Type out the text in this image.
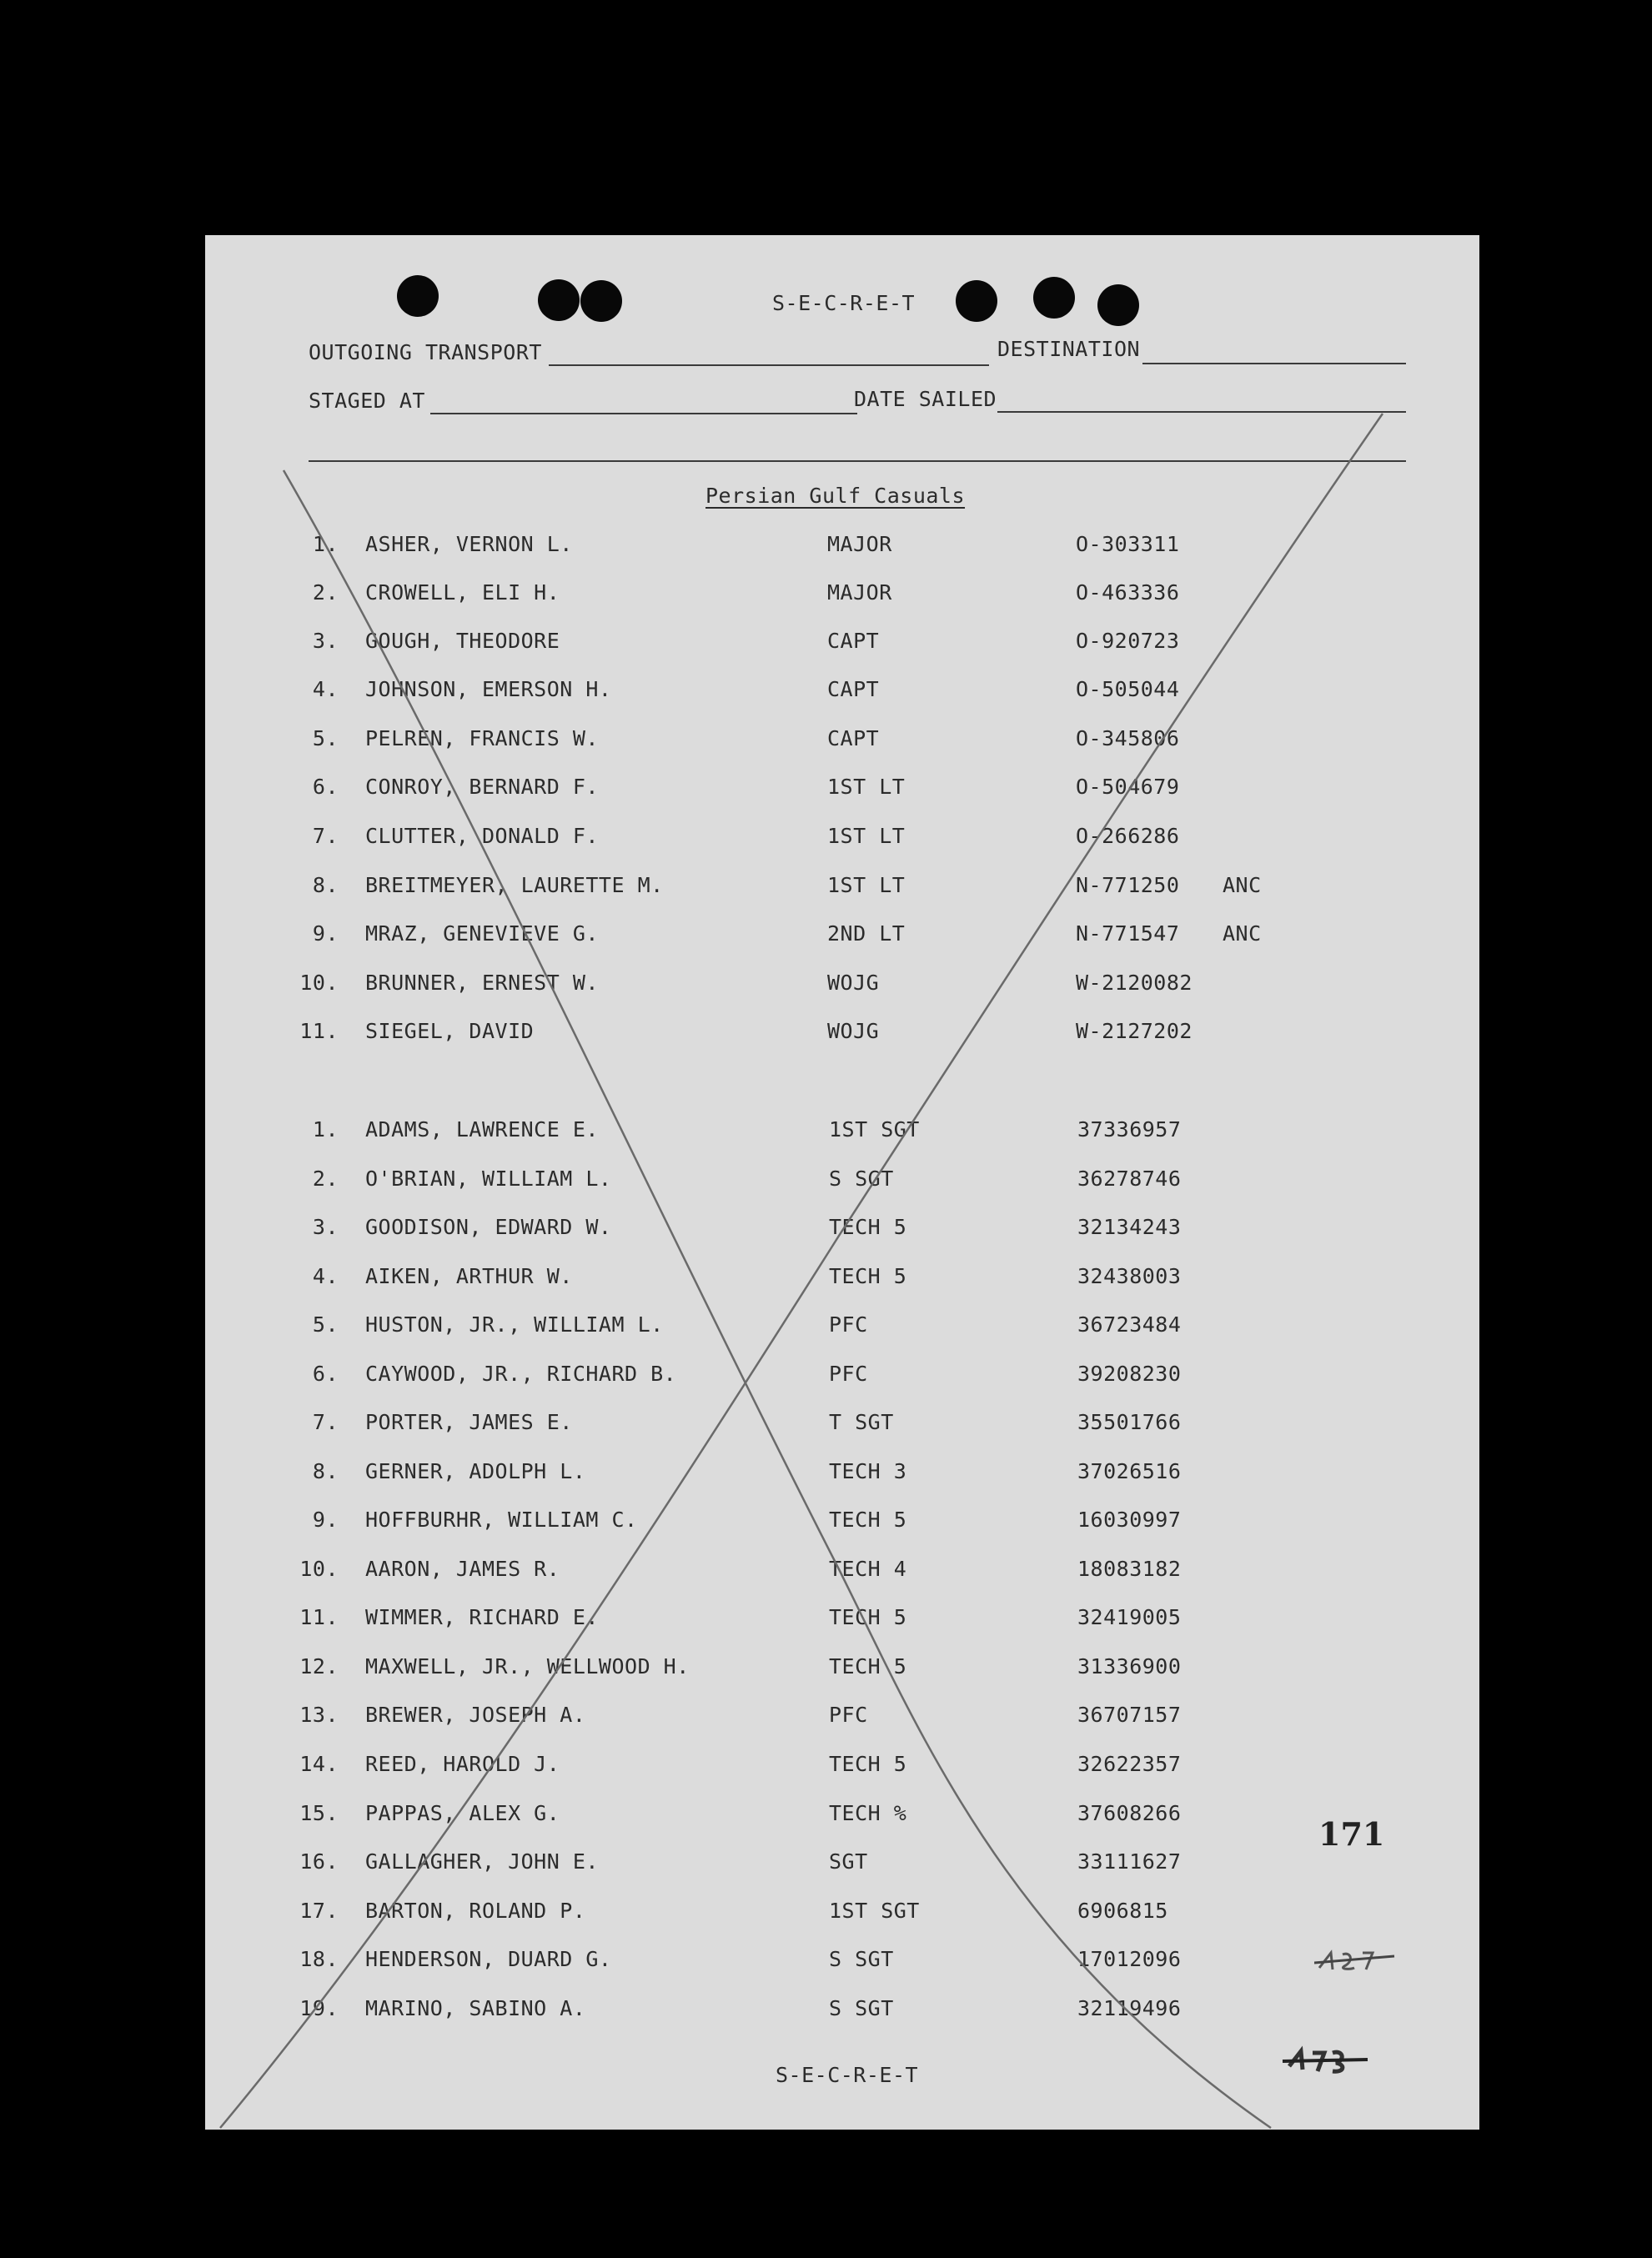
S-E-C-R-E-T
OUTGOING TRANSPORT	DESTINATION
STAGED AT	DATE SAILED
Persian Gulf Casuals
1. ASHER, VERNON L.	MAJOR	O-303311
2. CROWELL, ELI H.	MAJOR	O-463336
3. GOUGH, THEODORE	CAPT	O-920723
4. JOHNSON, EMERSON H.	CAPT	O-505044
5. PELREN, FRANCIS W.	CAPT	O-345806
6. CONROY, BERNARD F.	1ST LT	O-504679
7. CLUTTER, DONALD F.	1ST LT	O-266286
8. BREITMEYER, LAURETTE M.	1ST LT	N-771250 ANC
9. MRAZ, GENEVIEVE G.	2ND LT	N-771547 ANC
10. BRUNNER, ERNEST W.	WOJG	W-2120082
11. SIEGEL, DAVID	WOJG	W-2127202
1. ADAMS, LAWRENCE E.	1ST SGT	37336957
2. O'BRIAN, WILLIAM L.	S SGT	36278746
3. GOODISON, EDWARD W.	TECH 5	32134243
4. AIKEN, ARTHUR W.	TECH 5	32438003
5. HUSTON, JR., WILLIAM L.	PFC	36723484
6. CAYWOOD, JR., RICHARD B.	PFC	39208230
7. PORTER, JAMES E.	T SGT	35501766
8. GERNER, ADOLPH L.	TECH 3	37026516
9. HOFFBURHR, WILLIAM C.	TECH 5	16030997
10. AARON, JAMES R.	TECH 4	18083182
11. WIMMER, RICHARD E.	TECH 5	32419005
12. MAXWELL, JR., WELLWOOD H.	TECH 5	31336900
13. BREWER, JOSEPH A.	PFC	36707157
14. REED, HAROLD J.	TECH 5	32622357
15. PAPPAS, ALEX G.	TECH %	37608266
16. GALLAGHER, JOHN E.	SGT	33111627
17. BARTON, ROLAND P.	1ST SGT	6906815
18. HENDERSON, DUARD G.	S SGT	17012096
19. MARINO, SABINO A.	S SGT	32119496
171
S-E-C-R-E-T
